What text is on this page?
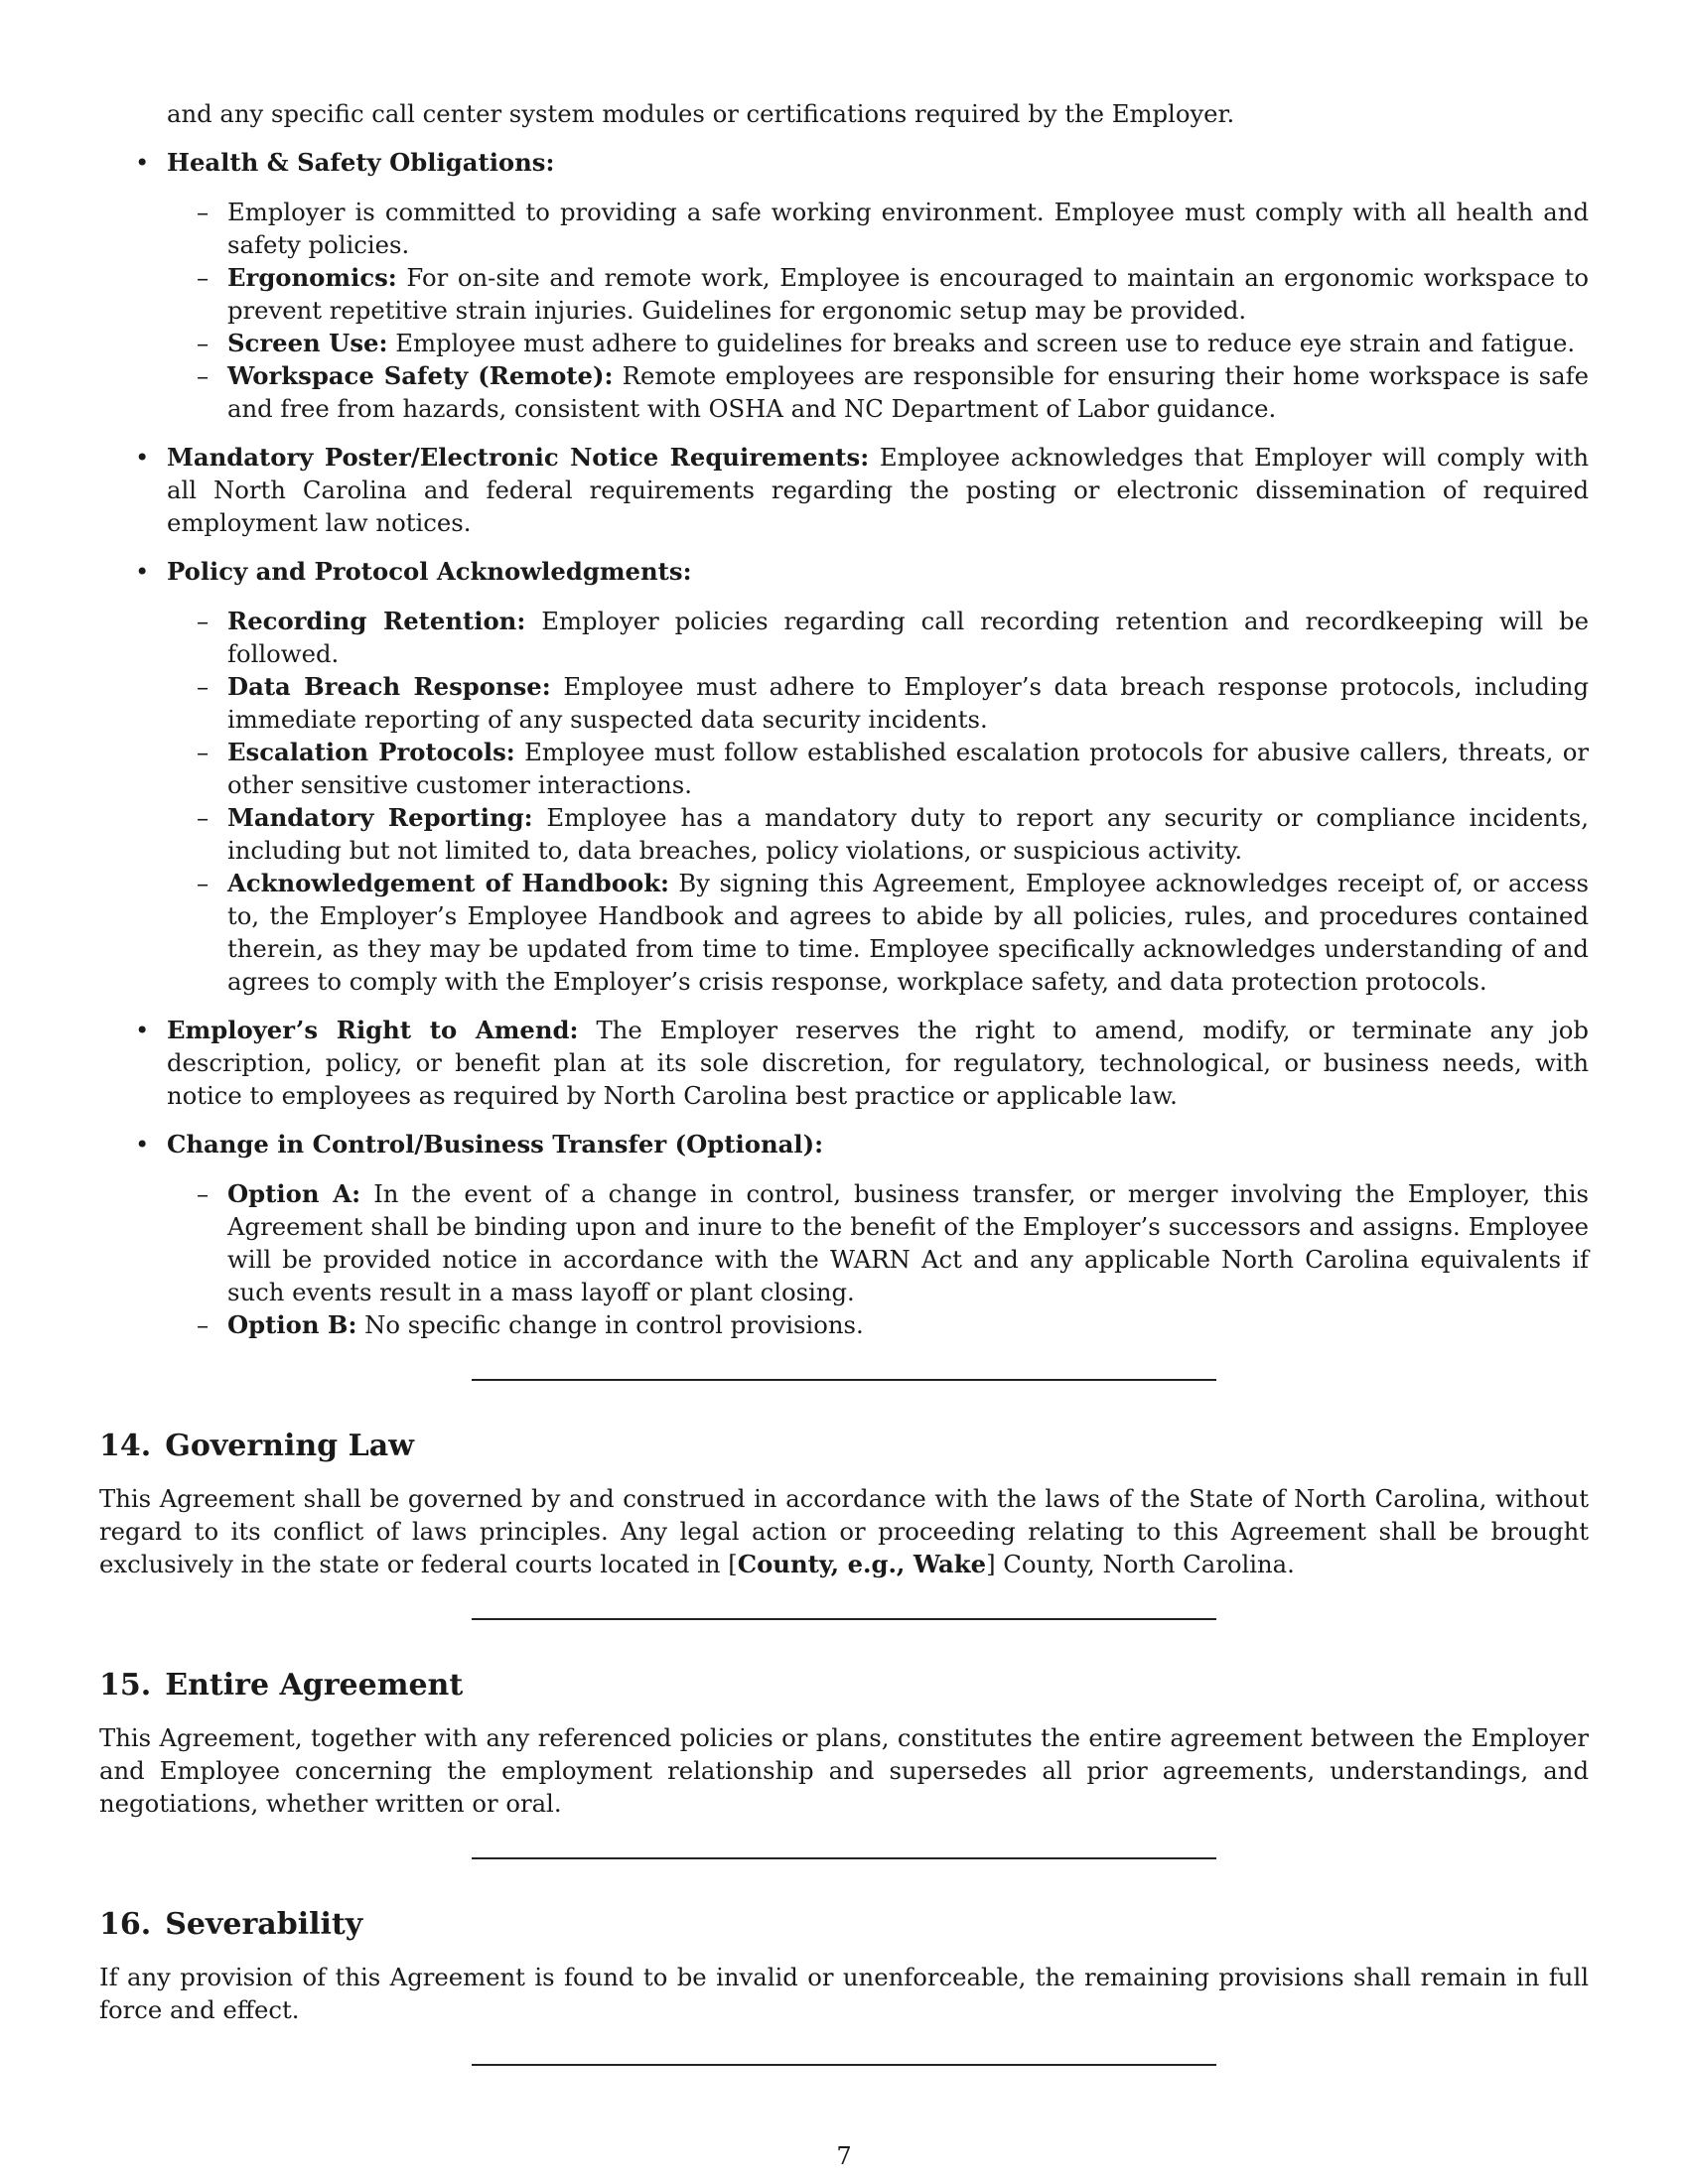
and any specific call center system modules or certifications required by the Employer.

• Health & Safety Obligations:
– Employer is committed to providing a safe working environment. Employee must comply with all health and safety policies.
– Ergonomics: For on-site and remote work, Employee is encouraged to maintain an ergonomic workspace to prevent repetitive strain injuries. Guidelines for ergonomic setup may be provided.
– Screen Use: Employee must adhere to guidelines for breaks and screen use to reduce eye strain and fatigue.
– Workspace Safety (Remote): Remote employees are responsible for ensuring their home workspace is safe and free from hazards, consistent with OSHA and NC Department of Labor guidance.
• Mandatory Poster/Electronic Notice Requirements: Employee acknowledges that Employer will comply with all North Carolina and federal requirements regarding the posting or electronic dissemination of required employment law notices.
• Policy and Protocol Acknowledgments:
– Recording Retention: Employer policies regarding call recording retention and recordkeeping will be followed.
– Data Breach Response: Employee must adhere to Employer’s data breach response protocols, including immediate reporting of any suspected data security incidents.
– Escalation Protocols: Employee must follow established escalation protocols for abusive callers, threats, or other sensitive customer interactions.
– Mandatory Reporting: Employee has a mandatory duty to report any security or compliance incidents, including but not limited to, data breaches, policy violations, or suspicious activity.
– Acknowledgement of Handbook: By signing this Agreement, Employee acknowledges receipt of, or access to, the Employer’s Employee Handbook and agrees to abide by all policies, rules, and procedures contained therein, as they may be updated from time to time. Employee specifically acknowledges understanding of and agrees to comply with the Employer’s crisis response, workplace safety, and data protection protocols.
• Employer’s Right to Amend: The Employer reserves the right to amend, modify, or terminate any job description, policy, or benefit plan at its sole discretion, for regulatory, technological, or business needs, with notice to employees as required by North Carolina best practice or applicable law.
• Change in Control/Business Transfer (Optional):
– Option A: In the event of a change in control, business transfer, or merger involving the Employer, this Agreement shall be binding upon and inure to the benefit of the Employer’s successors and assigns. Employee will be provided notice in accordance with the WARN Act and any applicable North Carolina equivalents if such events result in a mass layoff or plant closing.
– Option B: No specific change in control provisions.
14. Governing Law

This Agreement shall be governed by and construed in accordance with the laws of the State of North Carolina, without regard to its conflict of laws principles. Any legal action or proceeding relating to this Agreement shall be brought exclusively in the state or federal courts located in [County, e.g., Wake] County, North Carolina.

15. Entire Agreement

This Agreement, together with any referenced policies or plans, constitutes the entire agreement between the Employer and Employee concerning the employment relationship and supersedes all prior agreements, understandings, and negotiations, whether written or oral.

16. Severability

If any provision of this Agreement is found to be invalid or unenforceable, the remaining provisions shall remain in full force and effect.

7
